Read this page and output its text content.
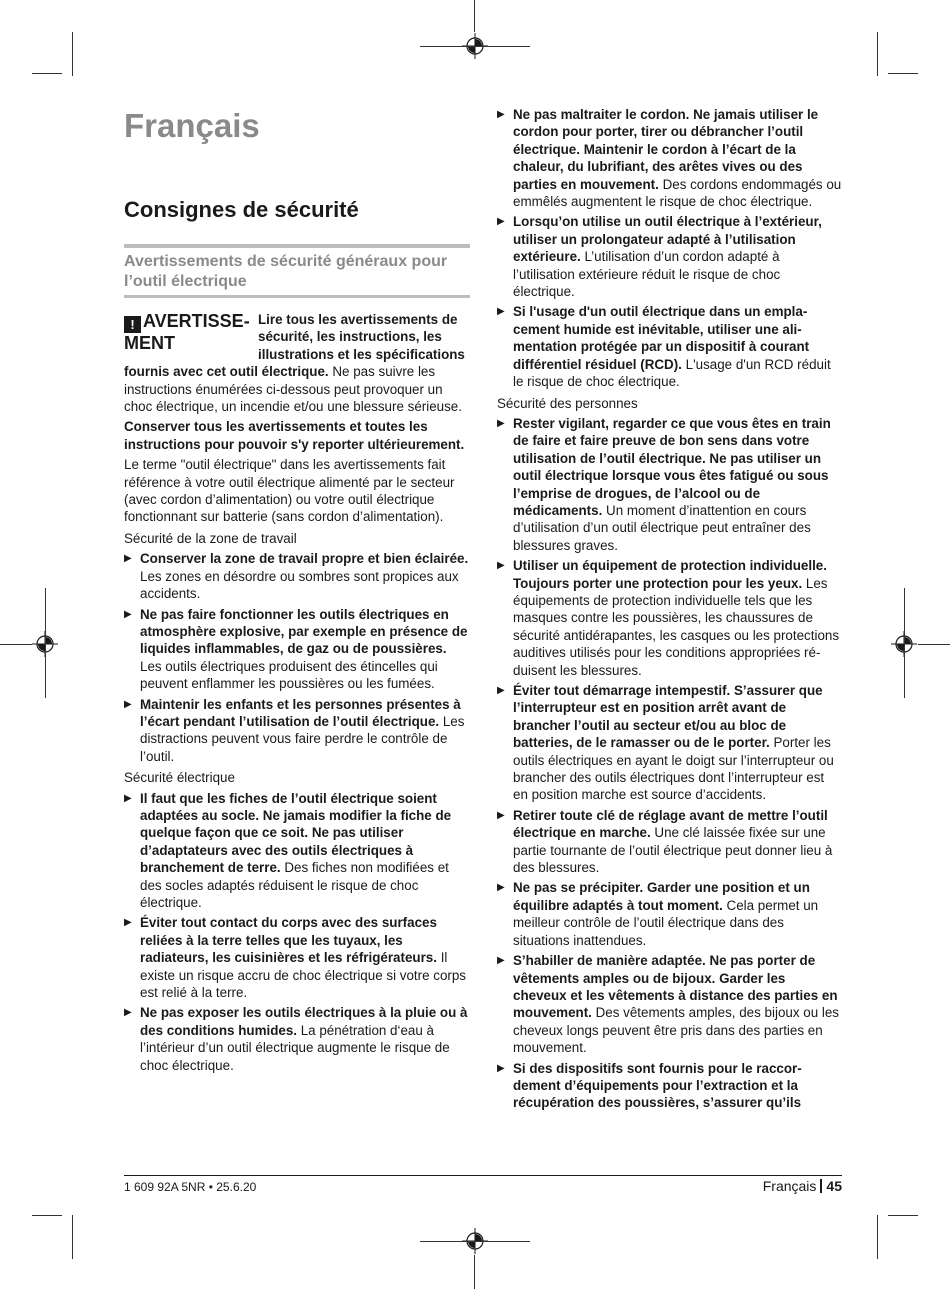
Français
Consignes de sécurité
Avertissements de sécurité généraux pour l’outil électrique
! AVERTISSE-MENT
Lire tous les avertissements de sécurité, les instructions, les illustrations et les spécifications fournis avec cet outil électrique. Ne pas suivre les instructions énumérées ci-dessous peut provoquer un choc électrique, un incendie et/ou une blessure sérieuse.

Conserver tous les avertissements et toutes les instructions pour pouvoir s'y reporter ultérieurement.

Le terme "outil électrique" dans les avertissements fait référence à votre outil électrique alimenté par le secteur (avec cordon d’alimentation) ou votre outil électrique fonctionnant sur batterie (sans cordon d’alimentation).

Sécurité de la zone de travail
▶ Conserver la zone de travail propre et bien éclairée. Les zones en désordre ou sombres sont propices aux accidents.
▶ Ne pas faire fonctionner les outils électriques en atmosphère explosive, par exemple en présence de liquides inflammables, de gaz ou de poussières. Les outils électriques produisent des étincelles qui peuvent enflammer les poussières ou les fumées.
▶ Maintenir les enfants et les personnes présentes à l’écart pendant l’utilisation de l’outil électrique. Les distractions peuvent vous faire perdre le contrôle de l’outil.
Sécurité électrique
▶ Il faut que les fiches de l’outil électrique soient adaptées au socle. Ne jamais modifier la fiche de quelque façon que ce soit. Ne pas utiliser d’adaptateurs avec des outils électriques à branchement de terre. Des fiches non modifiées et des socles adaptés réduisent le risque de choc électrique.
▶ Éviter tout contact du corps avec des surfaces reliées à la terre telles que les tuyaux, les radiateurs, les cuisinières et les réfrigérateurs. Il existe un risque accru de choc électrique si votre corps est relié à la terre.
▶ Ne pas exposer les outils électriques à la pluie ou à des conditions humides. La pénétration d‘eau à l’intérieur d’un outil électrique augmente le risque de choc électrique.
▶ Ne pas maltraiter le cordon. Ne jamais utiliser le cordon pour porter, tirer ou débrancher l’outil électrique. Maintenir le cordon à l’écart de la chaleur, du lubrifiant, des arêtes vives ou des parties en mouvement. Des cordons endommagés ou emmêlés augmentent le risque de choc électrique.
▶ Lorsqu’on utilise un outil électrique à l’extérieur, utiliser un prolongateur adapté à l’utilisation extérieure. L’utilisation d’un cordon adapté à l’utilisation extérieure réduit le risque de choc électrique.
▶ Si l'usage d'un outil électrique dans un emplacement humide est inévitable, utiliser une alimentation protégée par un dispositif à courant différentiel résiduel (RCD). L'usage d'un RCD réduit le risque de choc électrique.
Sécurité des personnes
▶ Rester vigilant, regarder ce que vous êtes en train de faire et faire preuve de bon sens dans votre utilisation de l’outil électrique. Ne pas utiliser un outil électrique lorsque vous êtes fatigué ou sous l’emprise de drogues, de l’alcool ou de médicaments. Un moment d’inattention en cours d’utilisation d’un outil électrique peut entraîner des blessures graves.
▶ Utiliser un équipement de protection individuelle. Toujours porter une protection pour les yeux. Les équipements de protection individuelle tels que les masques contre les poussières, les chaussures de sécurité antidérapantes, les casques ou les protections auditives utilisés pour les conditions appropriées réduisent les blessures.
▶ Éviter tout démarrage intempestif. S’assurer que l’interrupteur est en position arrêt avant de brancher l’outil au secteur et/ou au bloc de batteries, de le ramasser ou de le porter. Porter les outils électriques en ayant le doigt sur l’interrupteur ou brancher des outils électriques dont l’interrupteur est en position marche est source d’accidents.
▶ Retirer toute clé de réglage avant de mettre l’outil électrique en marche. Une clé laissée fixée sur une partie tournante de l’outil électrique peut donner lieu à des blessures.
▶ Ne pas se précipiter. Garder une position et un équilibre adaptés à tout moment. Cela permet un meilleur contrôle de l’outil électrique dans des situations inattendues.
▶ S’habiller de manière adaptée. Ne pas porter de vêtements amples ou de bijoux. Garder les cheveux et les vêtements à distance des parties en mouvement. Des vêtements amples, des bijoux ou les cheveux longs peuvent être pris dans des parties en mouvement.
▶ Si des dispositifs sont fournis pour le raccordement d’équipements pour l’extraction et la récupération des poussières, s’assurer qu’ils
1 609 92A 5NR • 25.6.20	Français 45
